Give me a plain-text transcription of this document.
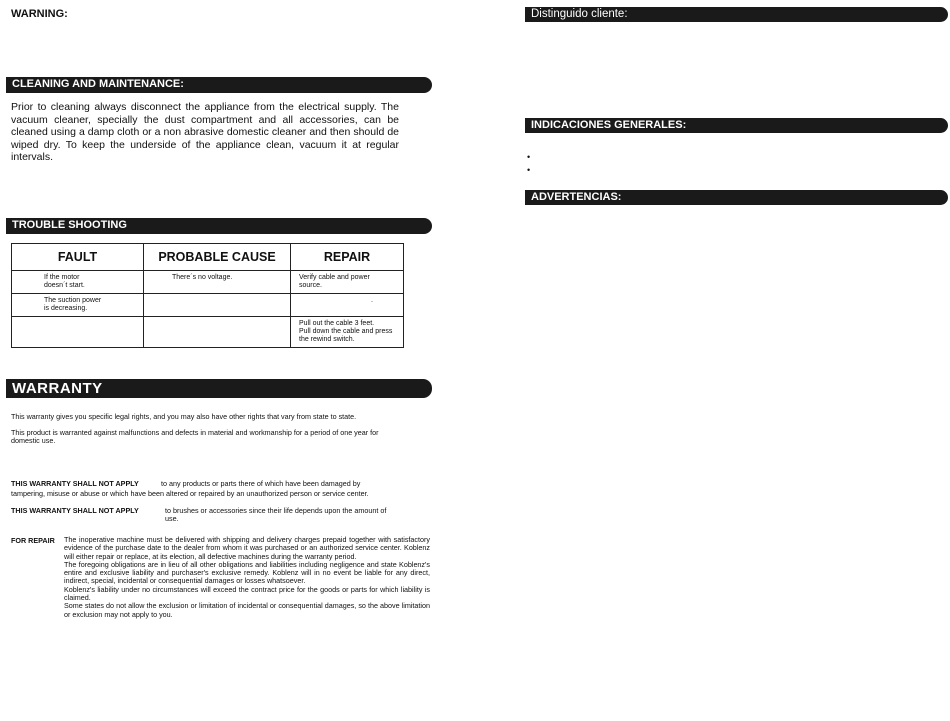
WARNING:
CLEANING AND MAINTENANCE:
Prior to cleaning always disconnect the appliance from the electrical supply. The vacuum cleaner, specially the dust compartment and all accessories, can be cleaned using a damp cloth or a non abrasive domestic cleaner and then should de wiped dry. To keep the underside of the appliance clean, vacuum it at regular intervals.
TROUBLE SHOOTING
FAULT	PROBABLE CAUSE	REPAIR
If the motor
doesn´t start.	There´s no voltage.	Verify cable and power
source.
The suction power
is decreasing.		.
		Pull out the cable 3 feet.
Pull down the cable and press
the rewind switch.
WARRANTY
This warranty gives you specific legal rights, and you may also have other rights that vary from state to state.
This product is warranted against malfunctions and defects in material and workmanship for a period of one year for domestic use.
THIS WARRANTY SHALL NOT APPLY	to any products or parts there of which have been damaged by
tampering, misuse or abuse or which have been altered or repaired by an unauthorized person or service center.
THIS WARRANTY SHALL NOT APPLY	to brushes or accessories since their life depends upon the amount of use.
FOR REPAIR The inoperative machine must be delivered with shipping and delivery charges prepaid together with satisfactory evidence of the purchase date to the dealer from whom it was purchased or an authorized service center. Koblenz will either repair or replace, at its election, all defective machines during the warranty period.
The foregoing obligations are in lieu of all other obligations and liabilities including negligence and state Koblenz's entire and exclusive liability and purchaser's exclusive remedy. Koblenz will in no event be liable for any direct, indirect, special, incidental or consequential damages or losses whatsoever.
Koblenz's liability under no circumstances will exceed the contract price for the goods or parts for which liability is claimed.
Some states do not allow the exclusion or limitation of incidental or consequential damages, so the above limitation or exclusion may not apply to you.
Distinguido cliente:
INDICACIONES GENERALES:
•
•
ADVERTENCIAS:
